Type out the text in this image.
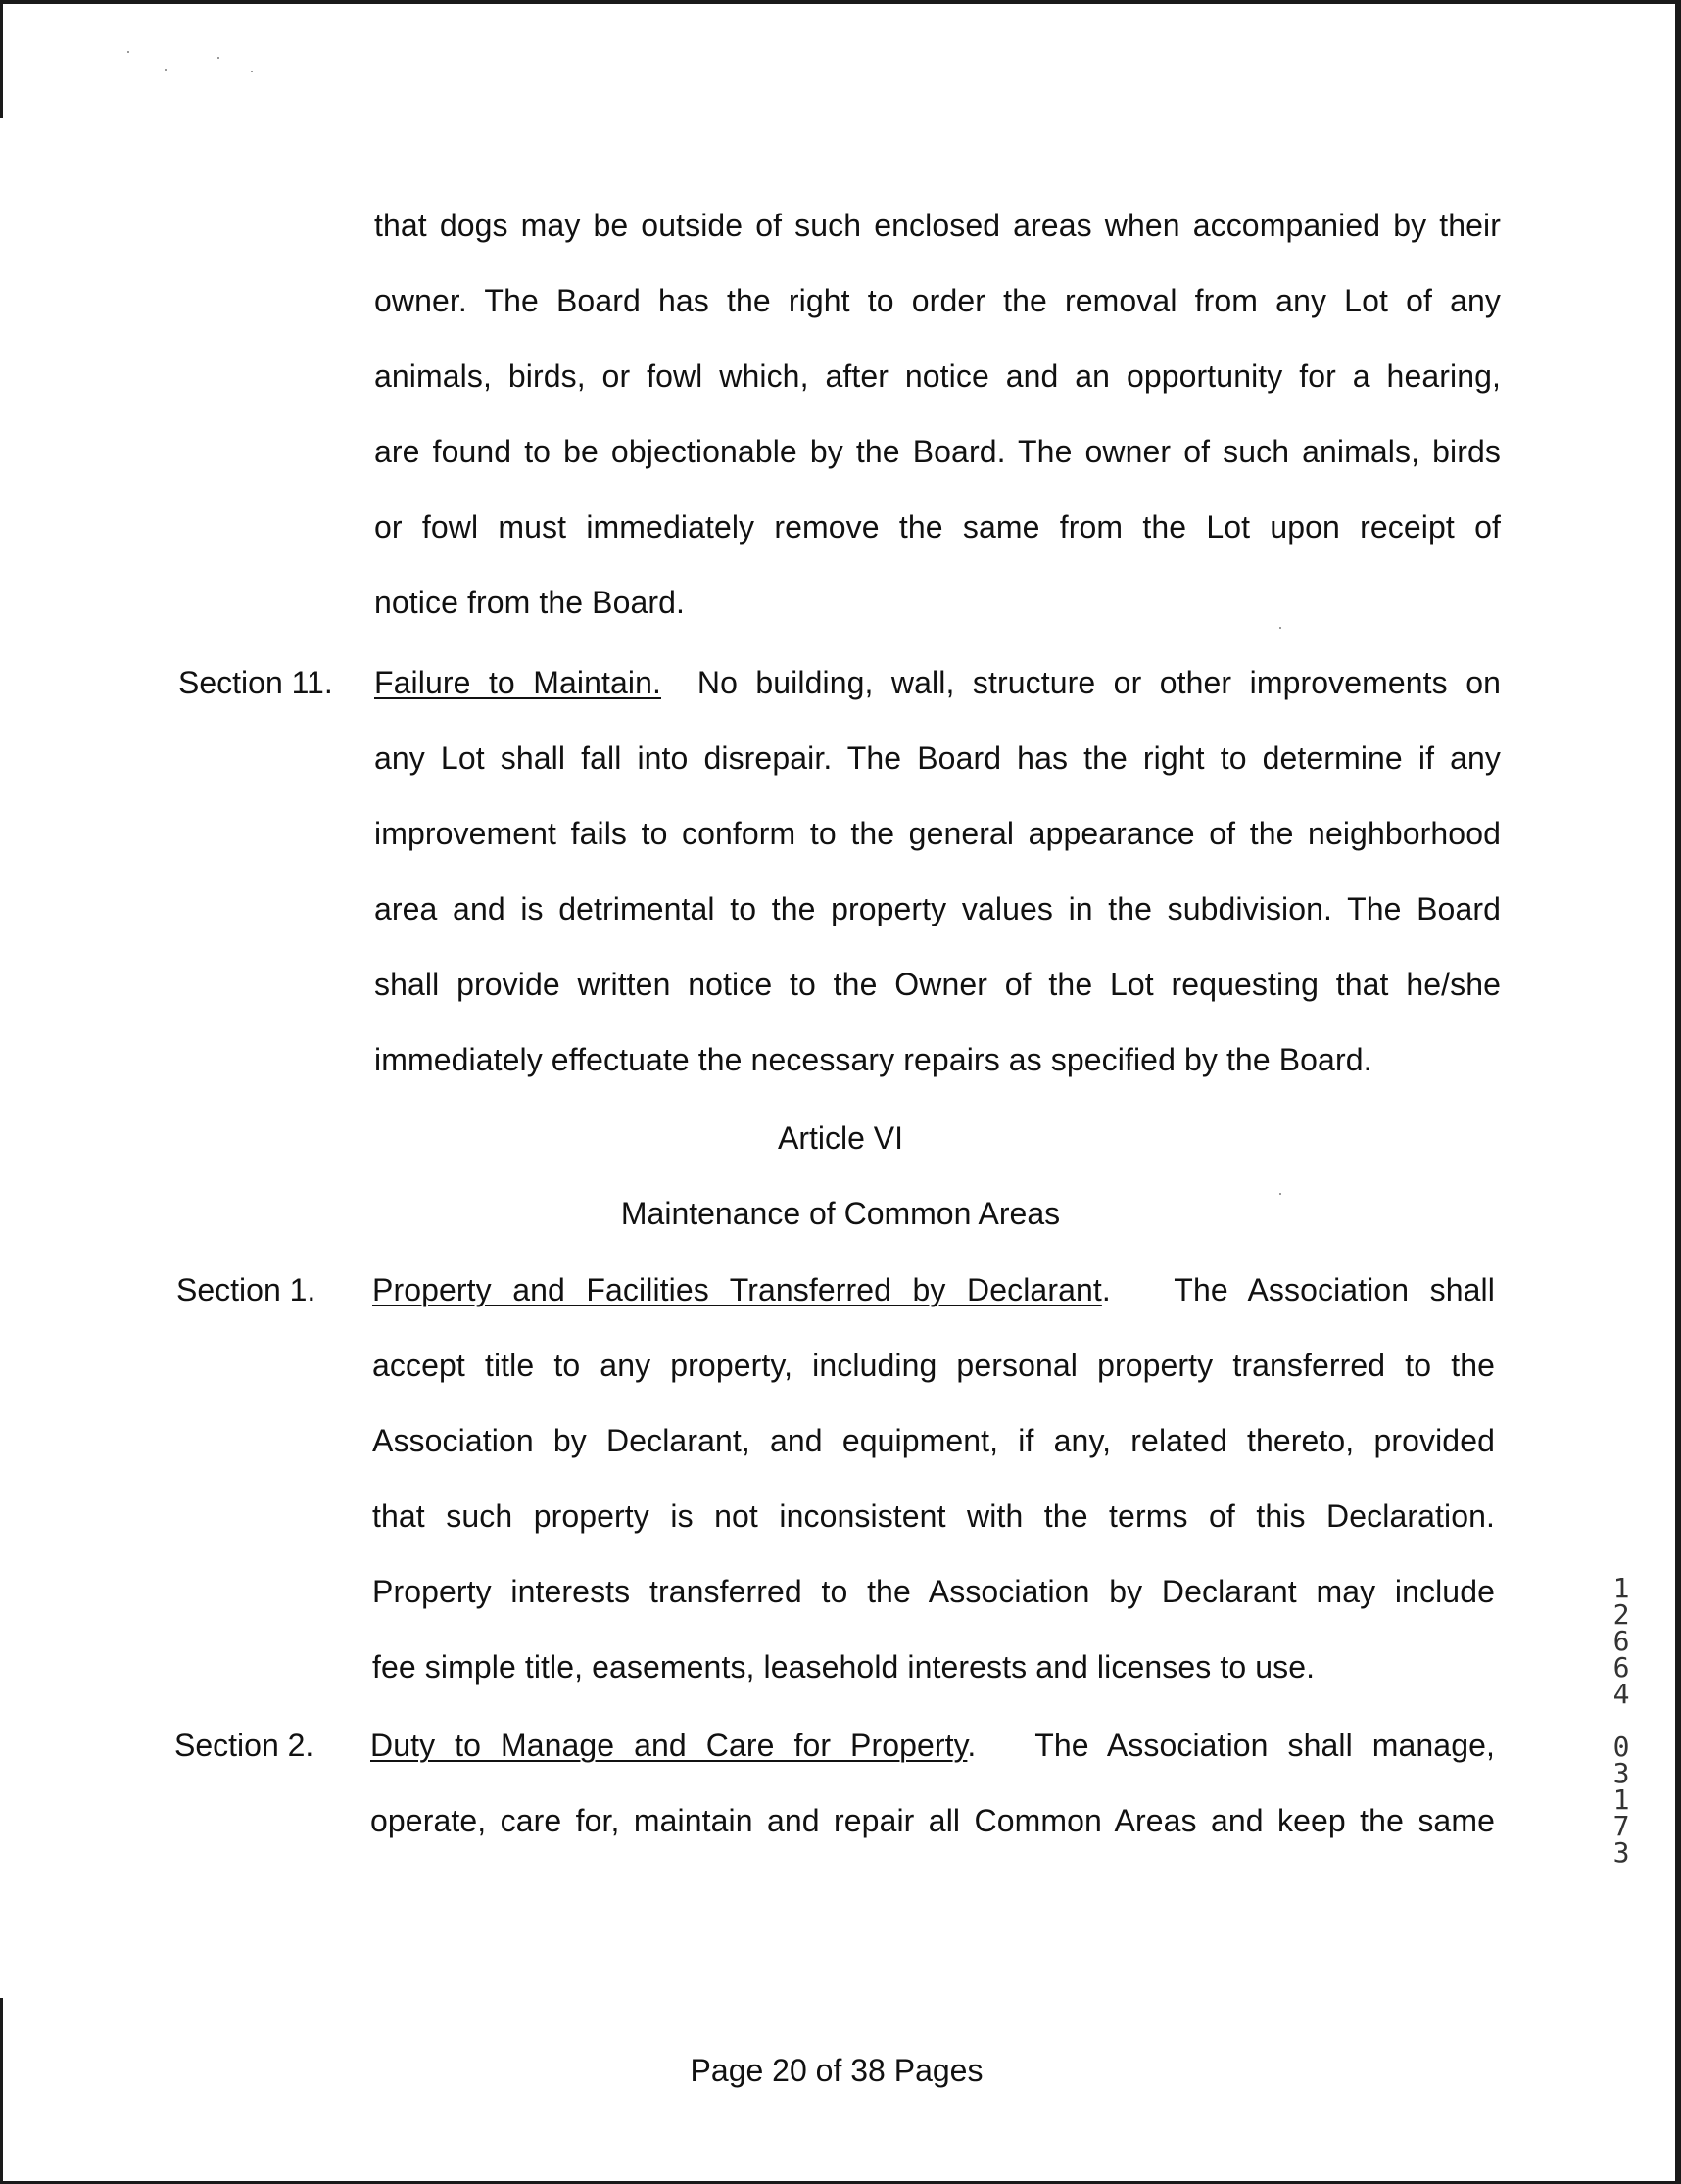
that dogs may be outside of such enclosed areas when accompanied by their
owner. The Board has the right to order the removal from any Lot of any
animals, birds, or fowl which, after notice and an opportunity for a hearing,
are found to be objectionable by the Board. The owner of such animals, birds
or fowl must immediately remove the same from the Lot upon receipt of
notice from the Board.
Section 11. Failure to Maintain. No building, wall, structure or other improvements on
any Lot shall fall into disrepair. The Board has the right to determine if any
improvement fails to conform to the general appearance of the neighborhood
area and is detrimental to the property values in the subdivision. The Board
shall provide written notice to the Owner of the Lot requesting that he/she
immediately effectuate the necessary repairs as specified by the Board.
Article VI
Maintenance of Common Areas
Section 1. Property and Facilities Transferred by Declarant. The Association shall
accept title to any property, including personal property transferred to the
Association by Declarant, and equipment, if any, related thereto, provided
that such property is not inconsistent with the terms of this Declaration.
Property interests transferred to the Association by Declarant may include
fee simple title, easements, leasehold interests and licenses to use.
Section 2. Duty to Manage and Care for Property. The Association shall manage,
operate, care for, maintain and repair all Common Areas and keep the same
Page 20 of 38 Pages
1
2
6
6
4
0
3
1
7
3
